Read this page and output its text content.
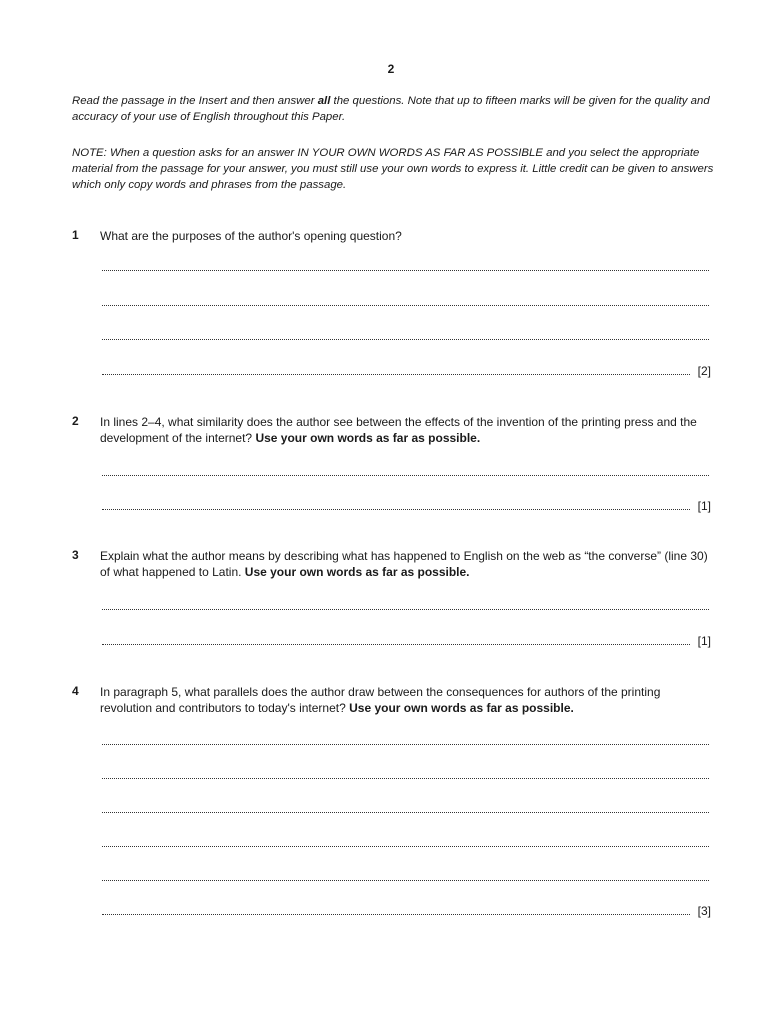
2
Read the passage in the Insert and then answer all the questions. Note that up to fifteen marks will be given for the quality and accuracy of your use of English throughout this Paper.
NOTE: When a question asks for an answer IN YOUR OWN WORDS AS FAR AS POSSIBLE and you select the appropriate material from the passage for your answer, you must still use your own words to express it. Little credit can be given to answers which only copy words and phrases from the passage.
1 What are the purposes of the author's opening question?
[2]
2 In lines 2–4, what similarity does the author see between the effects of the invention of the printing press and the development of the internet? Use your own words as far as possible.
[1]
3 Explain what the author means by describing what has happened to English on the web as “the converse” (line 30) of what happened to Latin. Use your own words as far as possible.
[1]
4 In paragraph 5, what parallels does the author draw between the consequences for authors of the printing revolution and contributors to today's internet? Use your own words as far as possible.
[3]
